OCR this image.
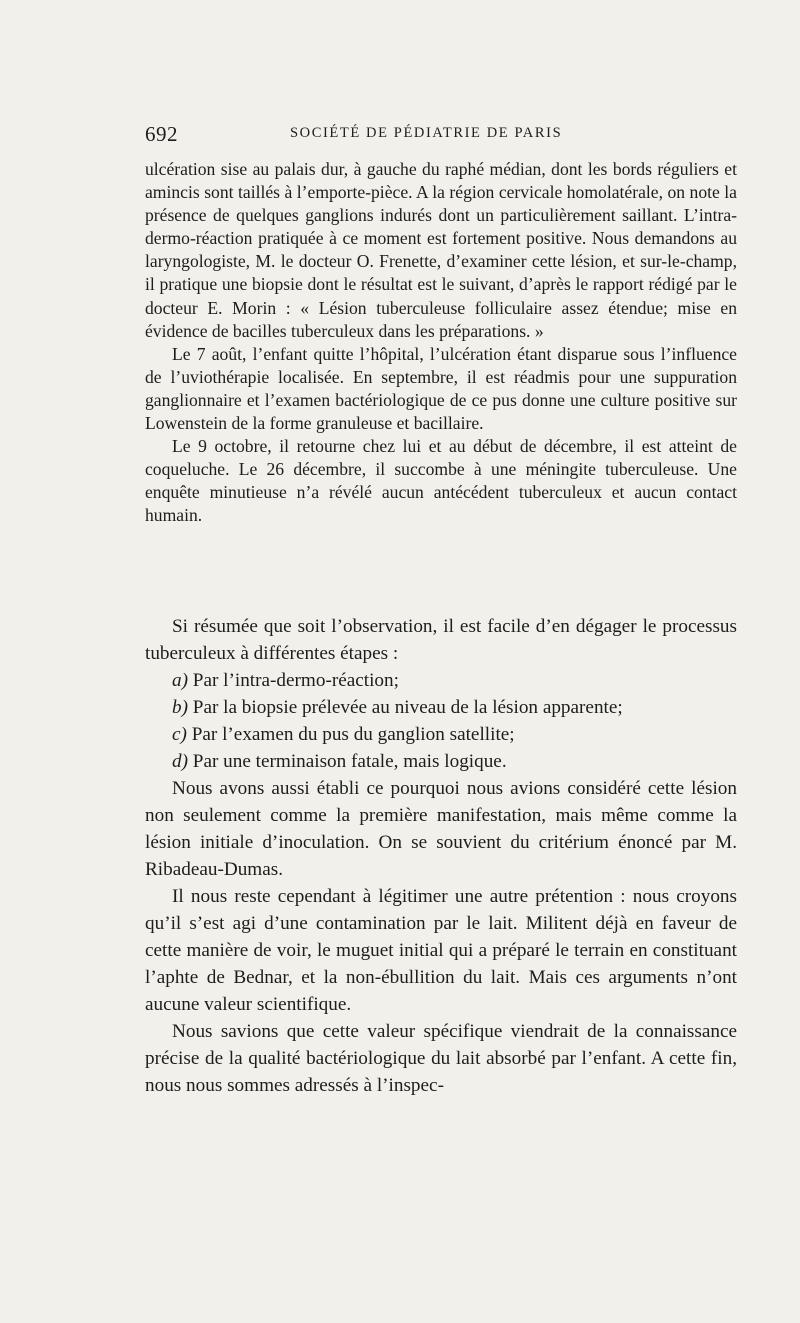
692	SOCIÉTÉ DE PÉDIATRIE DE PARIS

ulcération sise au palais dur, à gauche du raphé médian, dont les bords réguliers et amincis sont taillés à l’emporte-pièce. A la région cervicale homolatérale, on note la présence de quelques ganglions indurés dont un particulièrement saillant. L’intra-dermo-réaction pratiquée à ce moment est fortement positive. Nous demandons au laryngologiste, M. le docteur O. Frenette, d’examiner cette lésion, et sur-le-champ, il pratique une biopsie dont le résultat est le suivant, d’après le rapport rédigé par le docteur E. Morin : « Lésion tuberculeuse folliculaire assez étendue; mise en évidence de bacilles tuberculeux dans les préparations. »

Le 7 août, l’enfant quitte l’hôpital, l’ulcération étant disparue sous l’influence de l’uviothérapie localisée. En septembre, il est réadmis pour une suppuration ganglionnaire et l’examen bactériologique de ce pus donne une culture positive sur Lowenstein de la forme granuleuse et bacillaire.

Le 9 octobre, il retourne chez lui et au début de décembre, il est atteint de coqueluche. Le 26 décembre, il succombe à une méningite tuberculeuse. Une enquête minutieuse n’a révélé aucun antécédent tuberculeux et aucun contact humain.

Si résumée que soit l’observation, il est facile d’en dégager le processus tuberculeux à différentes étapes :

a) Par l’intra-dermo-réaction;

b) Par la biopsie prélevée au niveau de la lésion apparente;

c) Par l’examen du pus du ganglion satellite;

d) Par une terminaison fatale, mais logique.

Nous avons aussi établi ce pourquoi nous avions considéré cette lésion non seulement comme la première manifestation, mais même comme la lésion initiale d’inoculation. On se souvient du critérium énoncé par M. Ribadeau-Dumas.

Il nous reste cependant à légitimer une autre prétention : nous croyons qu’il s’est agi d’une contamination par le lait. Militent déjà en faveur de cette manière de voir, le muguet initial qui a préparé le terrain en constituant l’aphte de Bednar, et la non-ébullition du lait. Mais ces arguments n’ont aucune valeur scientifique.

Nous savions que cette valeur spécifique viendrait de la connaissance précise de la qualité bactériologique du lait absorbé par l’enfant. A cette fin, nous nous sommes adressés à l’inspec-
